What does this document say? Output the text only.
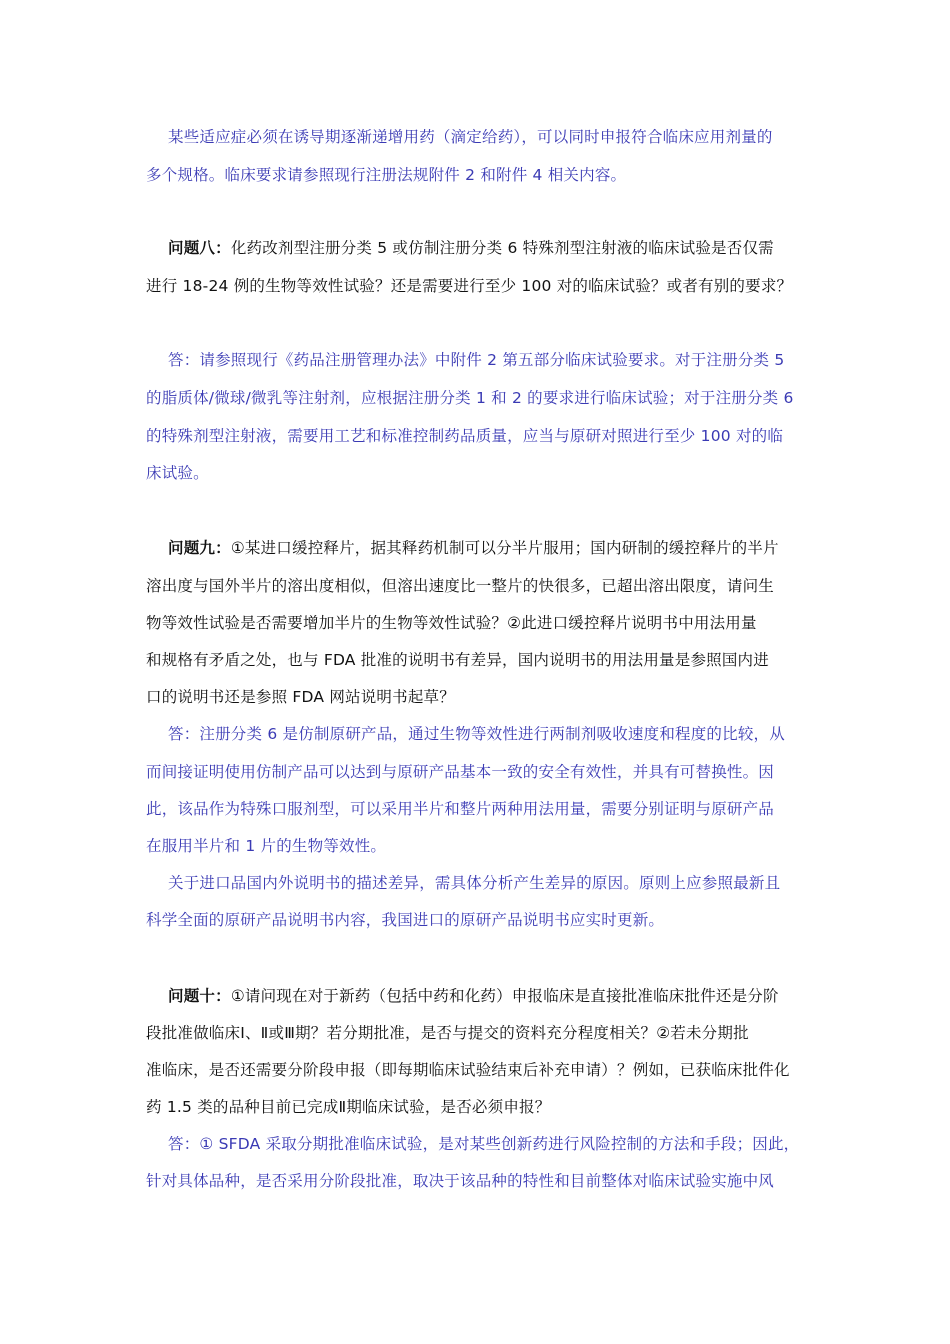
某些适应症必须在诱导期逐渐递增用药（滴定给药），可以同时申报符合临床应用剂量的
多个规格。临床要求请参照现行注册法规附件 2 和附件 4 相关内容。
问题八：化药改剂型注册分类 5 或仿制注册分类 6 特殊剂型注射液的临床试验是否仅需
进行 18-24 例的生物等效性试验？还是需要进行至少 100 对的临床试验？或者有别的要求？
答：请参照现行《药品注册管理办法》中附件 2 第五部分临床试验要求。对于注册分类 5
的脂质体/微球/微乳等注射剂，应根据注册分类 1 和 2 的要求进行临床试验；对于注册分类 6
的特殊剂型注射液，需要用工艺和标准控制药品质量，应当与原研对照进行至少 100 对的临
床试验。
问题九：①某进口缓控释片，据其释药机制可以分半片服用；国内研制的缓控释片的半片
溶出度与国外半片的溶出度相似，但溶出速度比一整片的快很多，已超出溶出限度，请问生
物等效性试验是否需要增加半片的生物等效性试验？②此进口缓控释片说明书中用法用量
和规格有矛盾之处，也与 FDA 批准的说明书有差异，国内说明书的用法用量是参照国内进
口的说明书还是参照 FDA 网站说明书起草？
答：注册分类 6 是仿制原研产品，通过生物等效性进行两制剂吸收速度和程度的比较，从
而间接证明使用仿制产品可以达到与原研产品基本一致的安全有效性，并具有可替换性。因
此，该品作为特殊口服剂型，可以采用半片和整片两种用法用量，需要分别证明与原研产品
在服用半片和 1 片的生物等效性。
关于进口品国内外说明书的描述差异，需具体分析产生差异的原因。原则上应参照最新且
科学全面的原研产品说明书内容，我国进口的原研产品说明书应实时更新。
问题十：①请问现在对于新药（包括中药和化药）申报临床是直接批准临床批件还是分阶
段批准做临床Ⅰ、Ⅱ或Ⅲ期？若分期批准，是否与提交的资料充分程度相关？②若未分期批
准临床，是否还需要分阶段申报（即每期临床试验结束后补充申请）？例如，已获临床批件化
药 1.5 类的品种目前已完成Ⅱ期临床试验，是否必须申报？
答：① SFDA 采取分期批准临床试验，是对某些创新药进行风险控制的方法和手段；因此，
针对具体品种，是否采用分阶段批准，取决于该品种的特性和目前整体对临床试验实施中风
